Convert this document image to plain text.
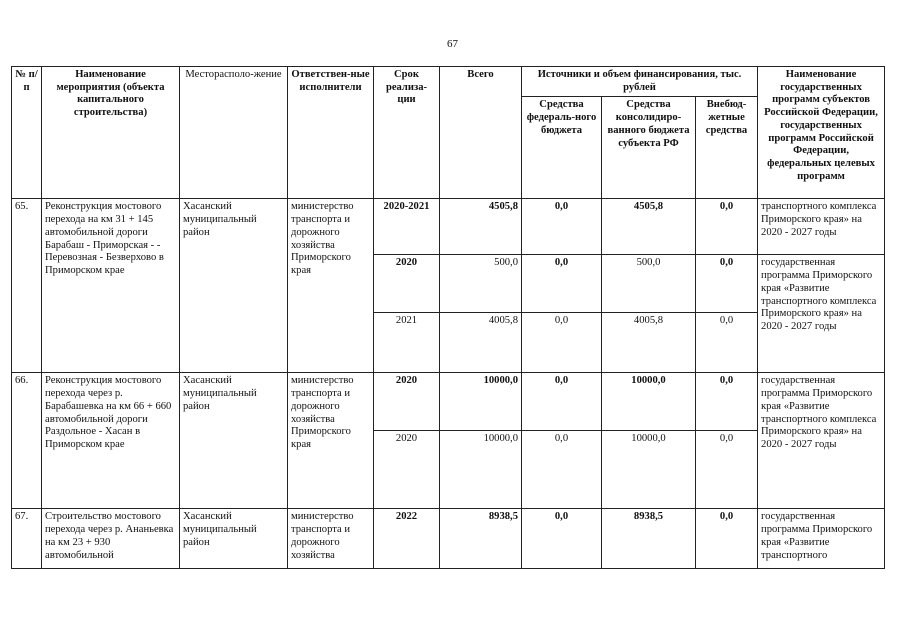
67
№ п/п	Наименование мероприятия (объекта капитального строительства)	Месторасполо-жение	Ответствен-ные исполнители	Срок реализа-ции	Всего	Источники и объем финансирования, тыс. рублей			Наименование государственных программ субъектов Российской Федерации, государственных программ Российской Федерации, федеральных целевых программ
						Средства федераль-ного бюджета	Средства консолидиро-ванного бюджета субъекта РФ	Внебюд-жетные средства	
65.	Реконструкция мостового перехода на км 31 + 145 автомобильной дороги Барабаш - Приморская - - Перевозная - Безверхово в Приморском крае	Хасанский муниципальный район	министерство транспорта и дорожного хозяйства Приморского края	2020-2021	4505,8	0,0	4505,8	0,0	транспортного комплекса Приморского края» на 2020 - 2027 годы
				2020	500,0	0,0	500,0	0,0	государственная программа Приморского края «Развитие транспортного комплекса Приморского края» на 2020 - 2027 годы
				2021	4005,8	0,0	4005,8	0,0	
66.	Реконструкция мостового перехода через р. Барабашевка на км 66 + 660 автомобильной дороги Раздольное - Хасан в Приморском крае	Хасанский муниципальный район	министерство транспорта и дорожного хозяйства Приморского края	2020	10000,0	0,0	10000,0	0,0	государственная программа Приморского края «Развитие транспортного комплекса Приморского края» на 2020 - 2027 годы
				2020	10000,0	0,0	10000,0	0,0	
67.	Строительство мостового перехода через р. Ананьевка на км 23 + 930 автомобильной	Хасанский муниципальный район	министерство транспорта и дорожного хозяйства	2022	8938,5	0,0	8938,5	0,0	государственная программа Приморского края «Развитие транспортного
